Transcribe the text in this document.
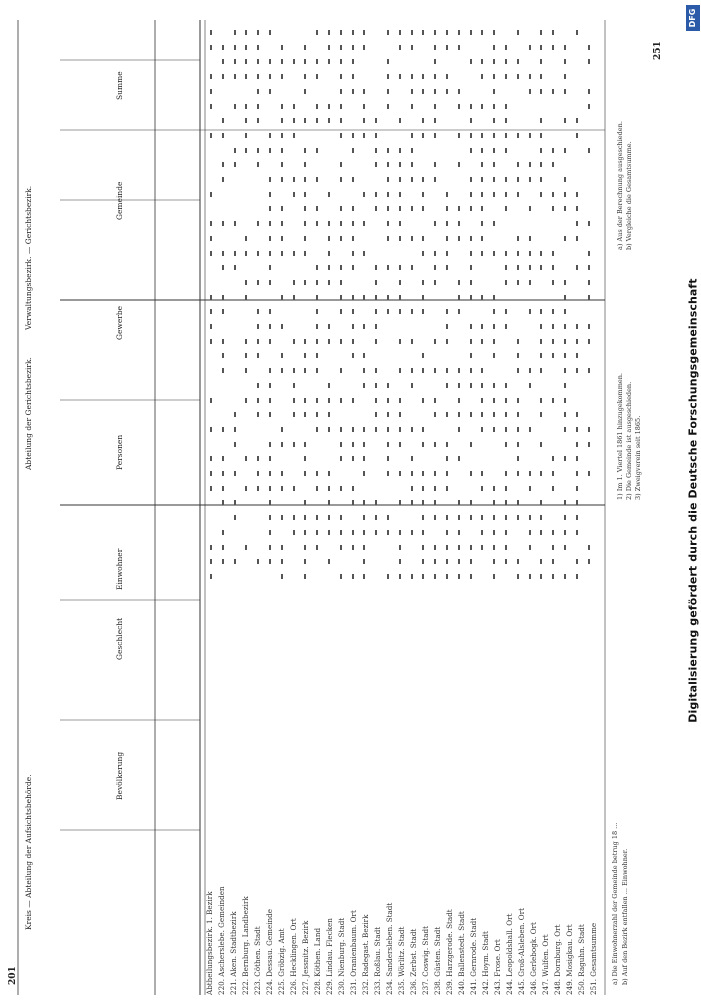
201
251
Kreis — Abteilung der Aufsichtsbehörde.
Abteilung der Gerichtsbezirk.
Verwaltungsbezirk. — Gerichtsbezirk.
Abtheilungsbezirk. 1. Bezirk 220. Ascherslebe. Gemeinden 221. Aken. Stadtbezirk 222. Bernburg. Landbezirk 223. Cöthen. Stadt 224. Dessau. Gemeinde 225. Gröbzig. Amt 226. Hecklingen. Ort 227. Jessnitz. Bezirk 228. Köthen. Land 229. Lindau. Flecken 230. Nienburg. Stadt 231. Oranienbaum. Ort 232. Radegast. Bezirk 233. Roßlau. Stadt 234. Sandersleben. Stadt 235. Wörlitz. Stadt 236. Zerbst. Stadt 237. Coswig. Stadt 238. Güsten. Stadt 239. Harzgerode. Stadt 240. Ballenstedt. Stadt 241. Gernrode. Stadt 242. Hoym. Stadt 243. Frose. Ort 244. Leopoldshall. Ort 245. Groß-Alsleben. Ort 246. Gerlebogk. Ort 247. Wulfen. Ort 248. Dornburg. Ort 249. Mosigkau. Ort 250. Raguhn. Stadt 251. Gesamtsumme
Bevölkerung
Geschlecht
Einwohner
Personen
Gewerbe
Gemeinde
Summe
a) Die Einwohnerzahl der Gemeinde betrug 18 ... b) Auf den Bezirk entfallen ... Einwohner.
1) Im 1. Viertel 1861 hinzugekommen. 2) Die Gemeinde ist ausgeschieden. 3) Zweigverein seit 1865.
a) Aus der Berechnung ausgeschieden. b) Vergleiche die Gesamtsumme.
DFG
Digitalisierung gefördert durch die Deutsche Forschungsgemeinschaft
